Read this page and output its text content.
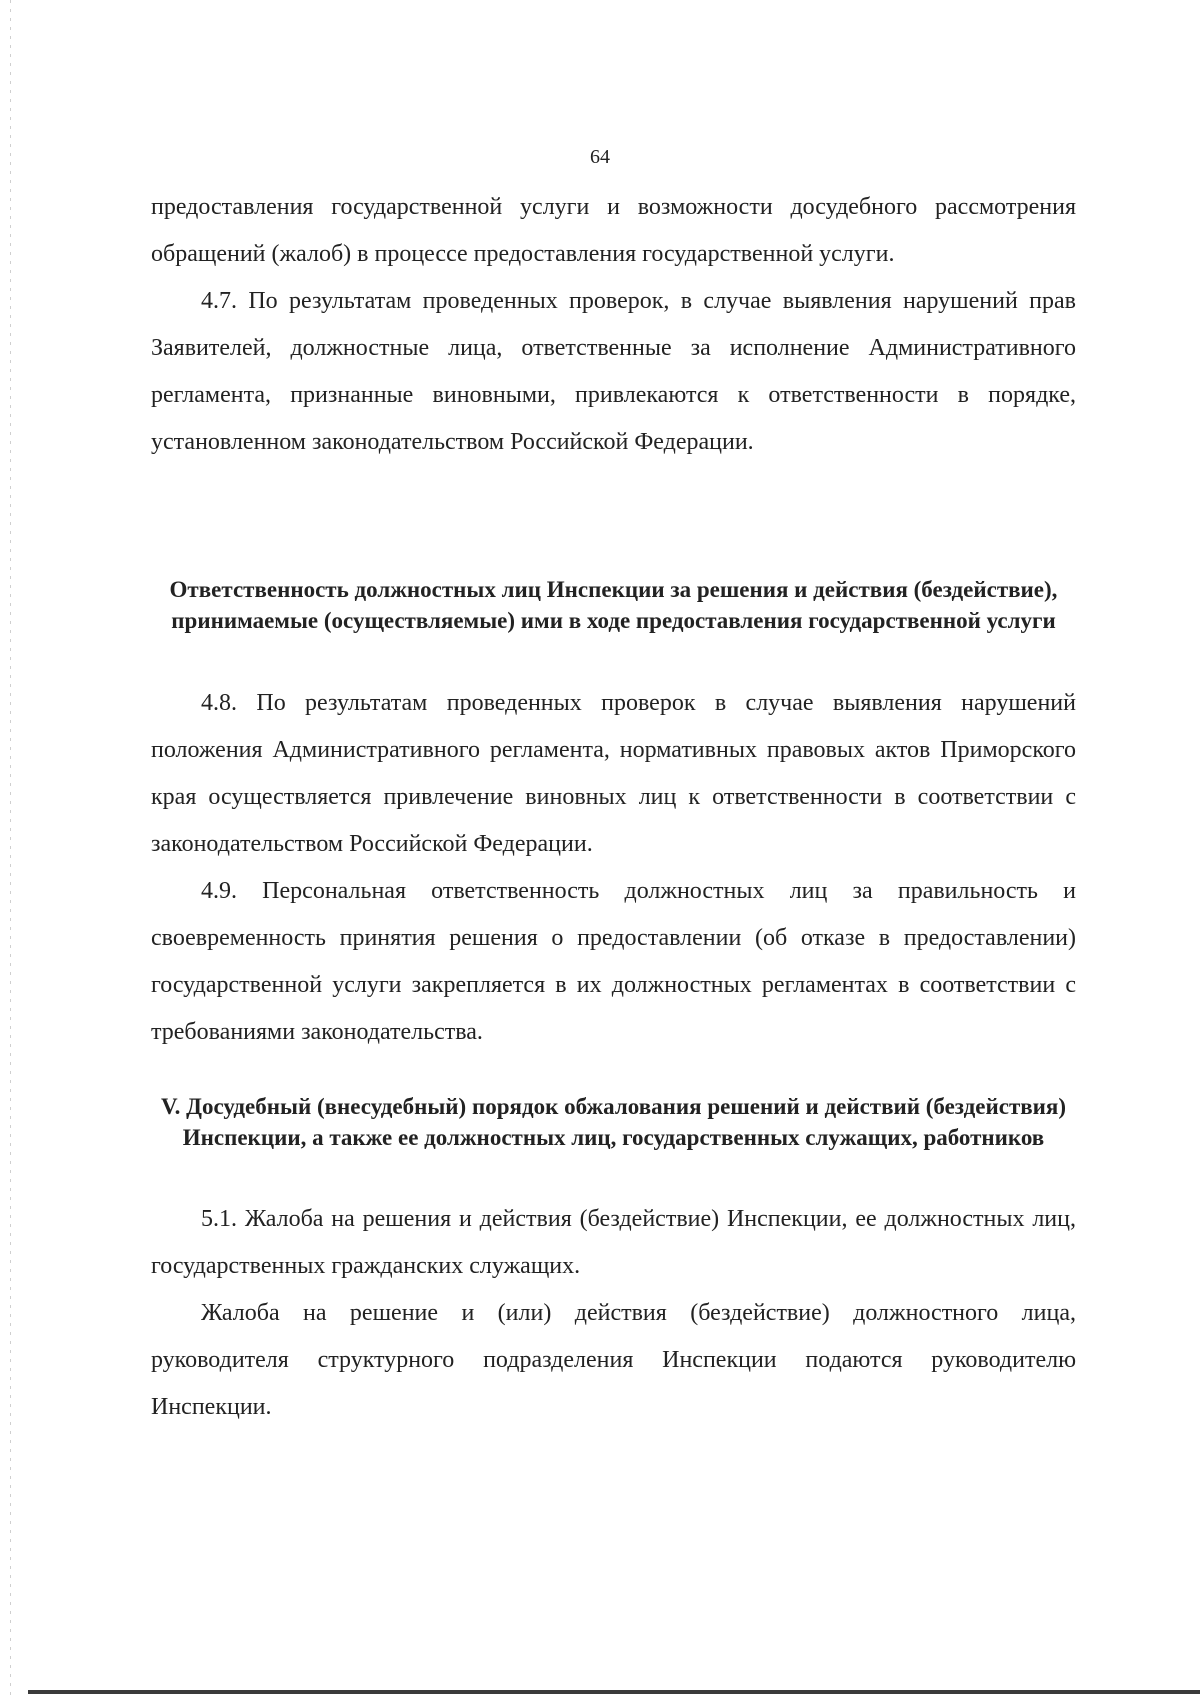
64

предоставления государственной услуги и возможности досудебного рассмотрения обращений (жалоб) в процессе предоставления государственной услуги.

4.7. По результатам проведенных проверок, в случае выявления нарушений прав Заявителей, должностные лица, ответственные за исполнение Административного регламента, признанные виновными, привлекаются к ответственности в порядке, установленном законодательством Российской Федерации.

Ответственность должностных лиц Инспекции за решения и действия (бездействие), принимаемые (осуществляемые) ими в ходе предоставления государственной услуги

4.8. По результатам проведенных проверок в случае выявления нарушений положения Административного регламента, нормативных правовых актов Приморского края осуществляется привлечение виновных лиц к ответственности в соответствии с законодательством Российской Федерации.

4.9. Персональная ответственность должностных лиц за правильность и своевременность принятия решения о предоставлении (об отказе в предоставлении) государственной услуги закрепляется в их должностных регламентах в соответствии с требованиями законодательства.

V. Досудебный (внесудебный) порядок обжалования решений и действий (бездействия) Инспекции, а также ее должностных лиц, государственных служащих, работников

5.1. Жалоба на решения и действия (бездействие) Инспекции, ее должностных лиц, государственных гражданских служащих.

Жалоба на решение и (или) действия (бездействие) должностного лица, руководителя структурного подразделения Инспекции подаются руководителю Инспекции.
